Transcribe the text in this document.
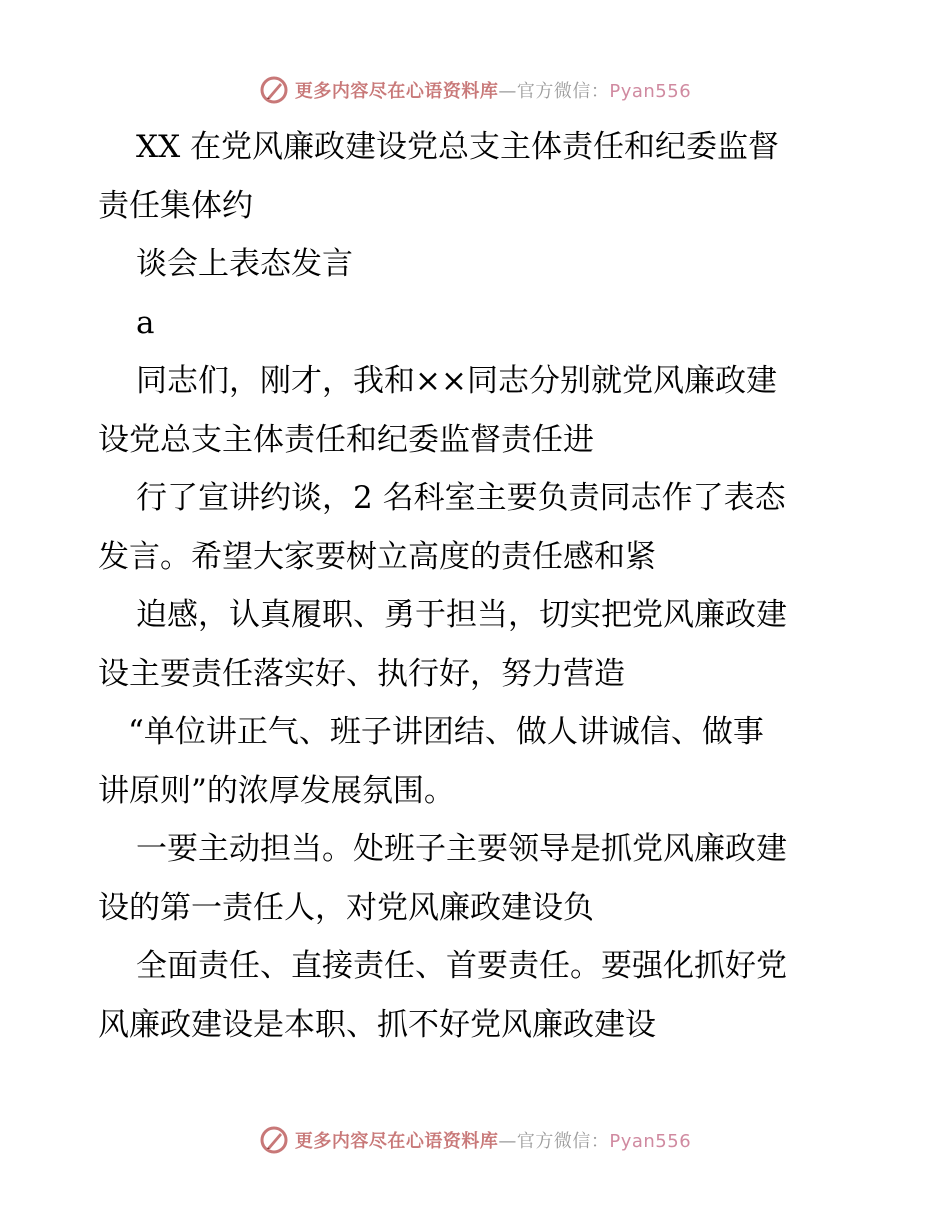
更多内容尽在心语资料库—官方微信：Pyan556
XX 在党风廉政建设党总支主体责任和纪委监督
责任集体约
谈会上表态发言
a
同志们，刚才，我和××同志分别就党风廉政建
设党总支主体责任和纪委监督责任进
行了宣讲约谈，2 名科室主要负责同志作了表态
发言。希望大家要树立高度的责任感和紧
迫感，认真履职、勇于担当，切实把党风廉政建
设主要责任落实好、执行好，努力营造
“单位讲正气、班子讲团结、做人讲诚信、做事
讲原则”的浓厚发展氛围。
一要主动担当。处班子主要领导是抓党风廉政建
设的第一责任人，对党风廉政建设负
全面责任、直接责任、首要责任。要强化抓好党
风廉政建设是本职、抓不好党风廉政建设
更多内容尽在心语资料库—官方微信：Pyan556
